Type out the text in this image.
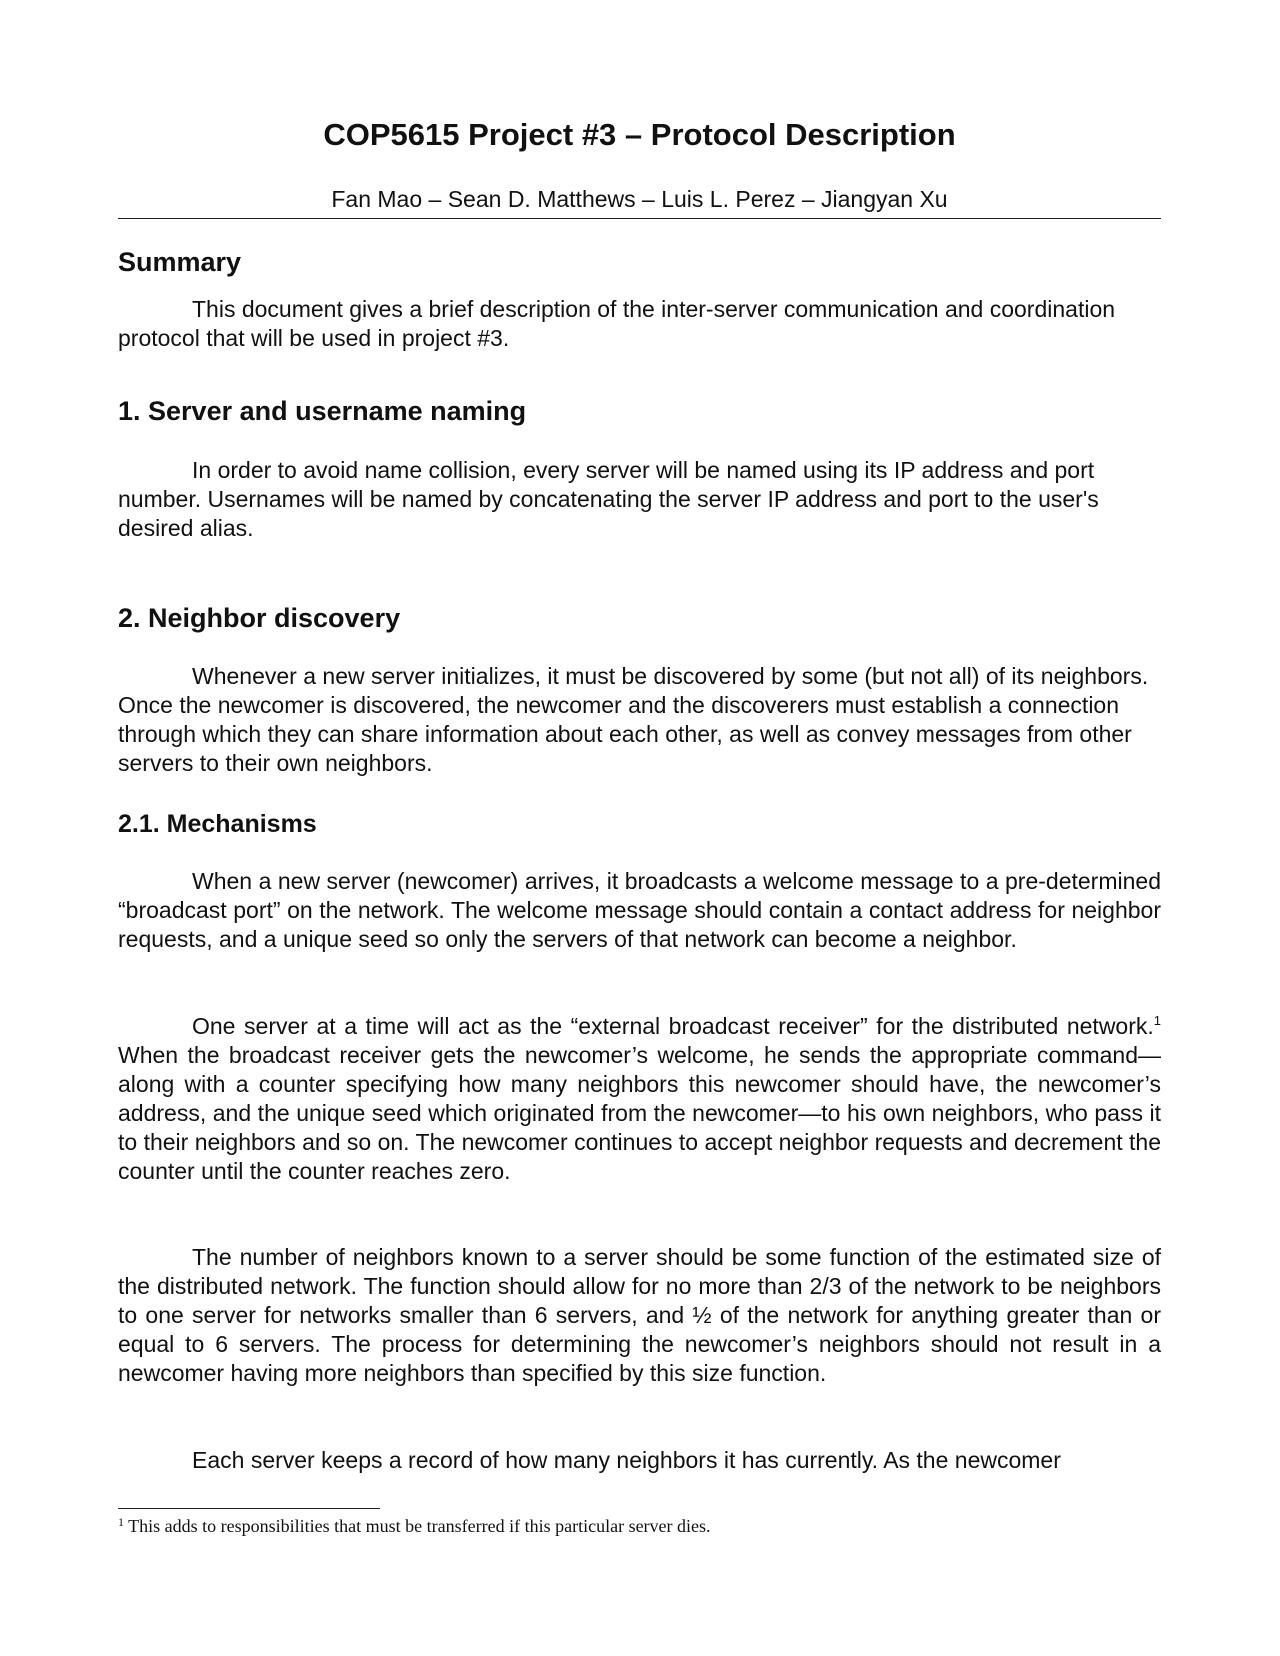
COP5615 Project #3 – Protocol Description

Fan Mao – Sean D. Matthews – Luis L. Perez – Jiangyan Xu

Summary

This document gives a brief description of the inter-server communication and coordination protocol that will be used in project #3.

1. Server and username naming

In order to avoid name collision, every server will be named using its IP address and port number. Usernames will be named by concatenating the server IP address and port to the user's desired alias.

2. Neighbor discovery

Whenever a new server initializes, it must be discovered by some (but not all) of its neighbors. Once the newcomer is discovered, the newcomer and the discoverers must establish a connection through which they can share information about each other, as well as convey messages from other servers to their own neighbors.

2.1. Mechanisms

When a new server (newcomer) arrives, it broadcasts a welcome message to a pre-determined “broadcast port” on the network. The welcome message should contain a contact address for neighbor requests, and a unique seed so only the servers of that network can become a neighbor.

One server at a time will act as the “external broadcast receiver” for the distributed network.$^1$ When the broadcast receiver gets the newcomer’s welcome, he sends the appropriate command—along with a counter specifying how many neighbors this newcomer should have, the newcomer’s address, and the unique seed which originated from the newcomer—to his own neighbors, who pass it to their neighbors and so on. The newcomer continues to accept neighbor requests and decrement the counter until the counter reaches zero.

The number of neighbors known to a server should be some function of the estimated size of the distributed network. The function should allow for no more than 2/3 of the network to be neighbors to one server for networks smaller than 6 servers, and ½ of the network for anything greater than or equal to 6 servers. The process for determining the newcomer’s neighbors should not result in a newcomer having more neighbors than specified by this size function.

Each server keeps a record of how many neighbors it has currently. As the newcomer

$^1$ This adds to responsibilities that must be transferred if this particular server dies.
